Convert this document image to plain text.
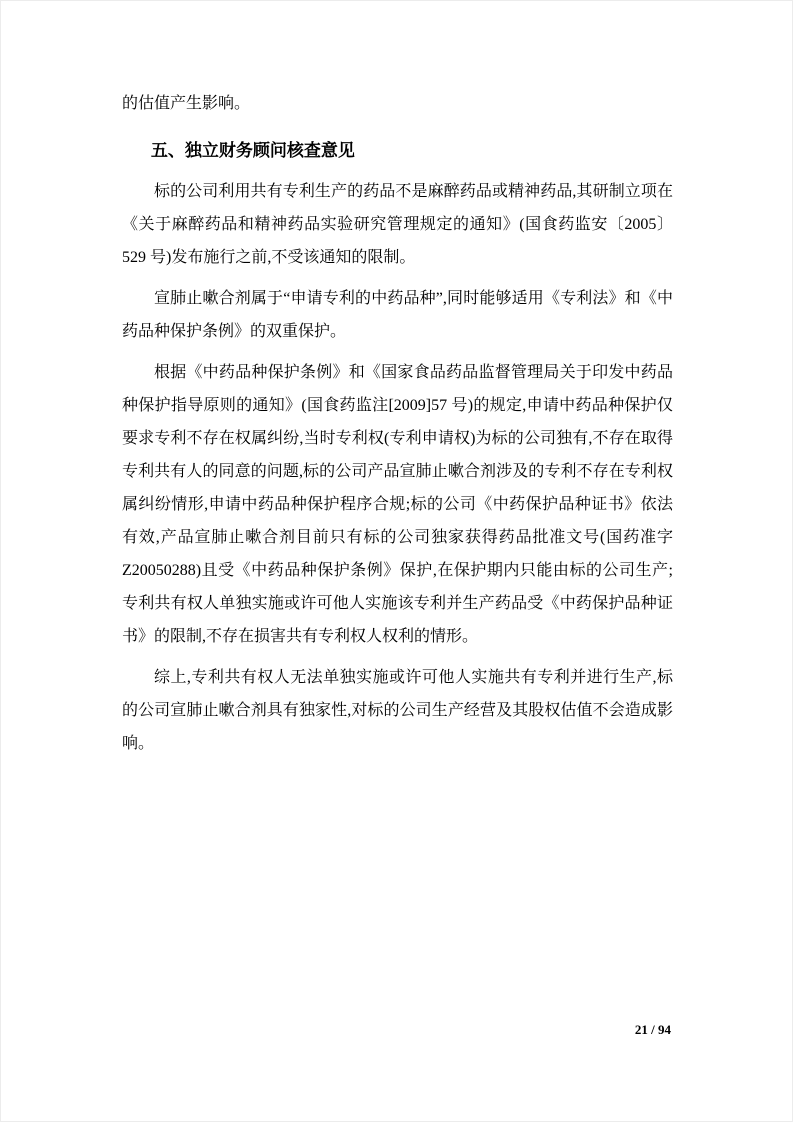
的估值产生影响。

五、独立财务顾问核查意见

标的公司利用共有专利生产的药品不是麻醉药品或精神药品,其研制立项在《关于麻醉药品和精神药品实验研究管理规定的通知》(国食药监安〔2005〕529 号)发布施行之前,不受该通知的限制。

宣肺止嗽合剂属于“申请专利的中药品种”,同时能够适用《专利法》和《中药品种保护条例》的双重保护。

根据《中药品种保护条例》和《国家食品药品监督管理局关于印发中药品种保护指导原则的通知》(国食药监注[2009]57 号)的规定,申请中药品种保护仅要求专利不存在权属纠纷,当时专利权(专利申请权)为标的公司独有,不存在取得专利共有人的同意的问题,标的公司产品宣肺止嗽合剂涉及的专利不存在专利权属纠纷情形,申请中药品种保护程序合规;标的公司《中药保护品种证书》依法有效,产品宣肺止嗽合剂目前只有标的公司独家获得药品批准文号(国药准字 Z20050288)且受《中药品种保护条例》保护,在保护期内只能由标的公司生产;专利共有权人单独实施或许可他人实施该专利并生产药品受《中药保护品种证书》的限制,不存在损害共有专利权人权利的情形。

综上,专利共有权人无法单独实施或许可他人实施共有专利并进行生产,标的公司宣肺止嗽合剂具有独家性,对标的公司生产经营及其股权估值不会造成影响。

21 / 94
